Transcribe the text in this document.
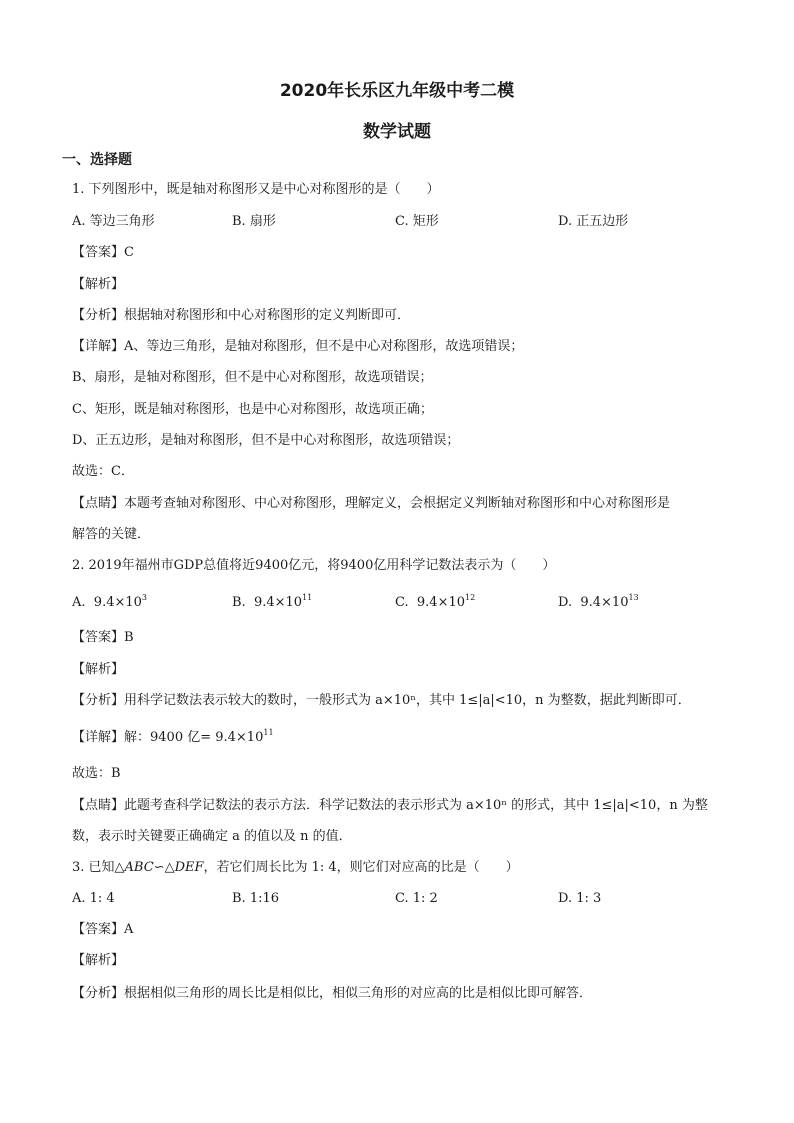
2020年长乐区九年级中考二模
数学试题
一、选择题
1. 下列图形中，既是轴对称图形又是中心对称图形的是（　　）
A. 等边三角形	B. 扇形	C. 矩形	D. 正五边形
【答案】C
【解析】
【分析】根据轴对称图形和中心对称图形的定义判断即可．
【详解】A、等边三角形，是轴对称图形，但不是中心对称图形，故选项错误；
B、扇形，是轴对称图形，但不是中心对称图形，故选项错误；
C、矩形，既是轴对称图形，也是中心对称图形，故选项正确；
D、正五边形，是轴对称图形，但不是中心对称图形，故选项错误；
故选：C．
【点睛】本题考查轴对称图形、中心对称图形，理解定义，会根据定义判断轴对称图形和中心对称图形是
解答的关键．
2. 2019年福州市GDP总值将近9400亿元，将9400亿用科学记数法表示为（　　）
A. $9.4\times 10^3$	B. $9.4\times 10^{11}$	C. $9.4\times 10^{12}$	D. $9.4\times 10^{13}$
【答案】B
【解析】
【分析】用科学记数法表示较大的数时，一般形式为 a×10ⁿ，其中 1≤|a|<10，n 为整数，据此判断即可．
【详解】解：9400 亿= $9.4\times 10^{11}$
故选：B
【点睛】此题考查科学记数法的表示方法．科学记数法的表示形式为 a×10ⁿ 的形式，其中 1≤|a|<10，n 为整
数，表示时关键要正确确定 a 的值以及 n 的值．
3. 已知△ABC∽△DEF，若它们周长比为 1: 4，则它们对应高的比是（　　）
A. 1: 4	B. 1:16	C. 1: 2	D. 1: 3
【答案】A
【解析】
【分析】根据相似三角形的周长比是相似比，相似三角形的对应高的比是相似比即可解答．
